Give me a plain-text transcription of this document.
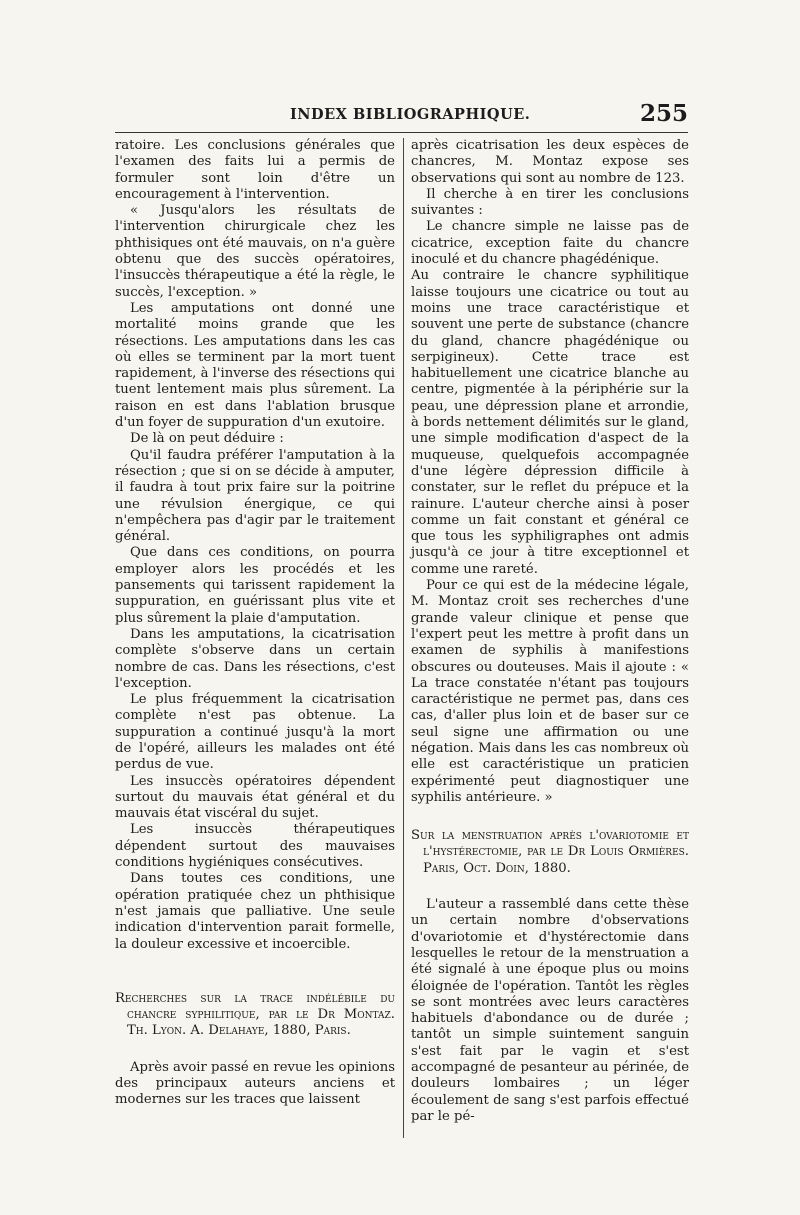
INDEX BIBLIOGRAPHIQUE.	255

ratoire. Les conclusions générales que l'examen des faits lui a permis de formuler sont loin d'être un encouragement à l'intervention.

« Jusqu'alors les résultats de l'intervention chirurgicale chez les phthisiques ont été mauvais, on n'a guère obtenu que des succès opératoires, l'insuccès thérapeutique a été la règle, le succès, l'exception. »

Les amputations ont donné une mortalité moins grande que les résections. Les amputations dans les cas où elles se terminent par la mort tuent rapidement, à l'inverse des résections qui tuent lentement mais plus sûrement. La raison en est dans l'ablation brusque d'un foyer de suppuration d'un exutoire.

De là on peut déduire :

Qu'il faudra préférer l'amputation à la résection ; que si on se décide à amputer, il faudra à tout prix faire sur la poitrine une révulsion énergique, ce qui n'empêchera pas d'agir par le traitement général.

Que dans ces conditions, on pourra employer alors les procédés et les pansements qui tarissent rapidement la suppuration, en guérissant plus vite et plus sûrement la plaie d'amputation.

Dans les amputations, la cicatrisation complète s'observe dans un certain nombre de cas. Dans les résections, c'est l'exception.

Le plus fréquemment la cicatrisation complète n'est pas obtenue. La suppuration a continué jusqu'à la mort de l'opéré, ailleurs les malades ont été perdus de vue.

Les insuccès opératoires dépendent surtout du mauvais état général et du mauvais état viscéral du sujet.

Les insuccès thérapeutiques dépendent surtout des mauvaises conditions hygiéniques consécutives.

Dans toutes ces conditions, une opération pratiquée chez un phthisique n'est jamais que palliative. Une seule indication d'intervention parait formelle, la douleur excessive et incoercible.

Recherches sur la trace indélébile du chancre syphilitique, par le Dr Montaz. Th. Lyon. A. Delahaye, 1880, Paris.

Après avoir passé en revue les opinions des principaux auteurs anciens et modernes sur les traces que laissent

après cicatrisation les deux espèces de chancres, M. Montaz expose ses observations qui sont au nombre de 123.

Il cherche à en tirer les conclusions suivantes :

Le chancre simple ne laisse pas de cicatrice, exception faite du chancre inoculé et du chancre phagédénique.

Au contraire le chancre syphilitique laisse toujours une cicatrice ou tout au moins une trace caractéristique et souvent une perte de substance (chancre du gland, chancre phagédénique ou serpigineux). Cette trace est habituellement une cicatrice blanche au centre, pigmentée à la périphérie sur la peau, une dépression plane et arrondie, à bords nettement délimités sur le gland, une simple modification d'aspect de la muqueuse, quelquefois accompagnée d'une légère dépression difficile à constater, sur le reflet du prépuce et la rainure. L'auteur cherche ainsi à poser comme un fait constant et général ce que tous les syphiligraphes ont admis jusqu'à ce jour à titre exceptionnel et comme une rareté.

Pour ce qui est de la médecine légale, M. Montaz croit ses recherches d'une grande valeur clinique et pense que l'expert peut les mettre à profit dans un examen de syphilis à manifestions obscures ou douteuses. Mais il ajoute : « La trace constatée n'étant pas toujours caractéristique ne permet pas, dans ces cas, d'aller plus loin et de baser sur ce seul signe une affirmation ou une négation. Mais dans les cas nombreux où elle est caractéristique un praticien expérimenté peut diagnostiquer une syphilis antérieure. »

Sur la menstruation après l'ovariotomie et l'hystérectomie, par le Dr Louis Ormières. Paris, Oct. Doin, 1880.

L'auteur a rassemblé dans cette thèse un certain nombre d'observations d'ovariotomie et d'hystérectomie dans lesquelles le retour de la menstruation a été signalé à une époque plus ou moins éloignée de l'opération. Tantôt les règles se sont montrées avec leurs caractères habituels d'abondance ou de durée ; tantôt un simple suintement sanguin s'est fait par le vagin et s'est accompagné de pesanteur au périnée, de douleurs lombaires ; un léger écoulement de sang s'est parfois effectué par le pé-
